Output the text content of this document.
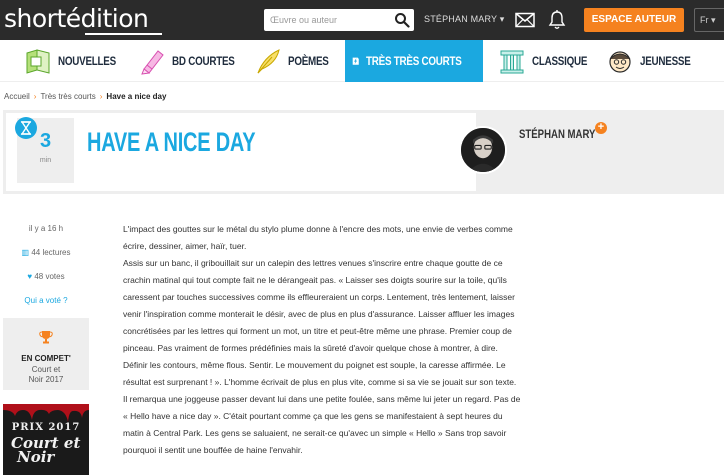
shortédition
Œuvre ou auteur	STÉPHAN MARY ▾	ESPACE AUTEUR	Fr ▾
NOUVELLES	BD COURTES	POÈMES	TRÈS TRÈS COURTS	CLASSIQUE	JEUNESSE
Accueil › Très très courts › Have a nice day
3
min
HAVE A NICE DAY	STÉPHAN MARY +
il y a 16 h
▥ 44 lectures
♥ 48 votes
Qui a voté ?
EN COMPET'
Court et
Noir 2017
PRIX 2017
Court et
Noir

L'impact des gouttes sur le métal du stylo plume donne à l'encre des mots, une envie de verbes comme

écrire, dessiner, aimer, haïr, tuer.

Assis sur un banc, il gribouillait sur un calepin des lettres venues s'inscrire entre chaque goutte de ce

crachin matinal qui tout compte fait ne le dérangeait pas. « Laisser ses doigts sourire sur la toile, qu'ils

caressent par touches successives comme ils effleureraient un corps. Lentement, très lentement, laisser

venir l'inspiration comme monterait le désir, avec de plus en plus d'assurance. Laisser affluer les images

concrétisées par les lettres qui forment un mot, un titre et peut-être même une phrase. Premier coup de

pinceau. Pas vraiment de formes prédéfinies mais la sûreté d'avoir quelque chose à montrer, à dire.

Définir les contours, même flous. Sentir. Le mouvement du poignet est souple, la caresse affirmée. Le

résultat est surprenant ! ». L'homme écrivait de plus en plus vite, comme si sa vie se jouait sur son texte.

Il remarqua une joggeuse passer devant lui dans une petite foulée, sans même lui jeter un regard. Pas de

« Hello have a nice day ». C'était pourtant comme ça que les gens se manifestaient à sept heures du

matin à Central Park. Les gens se saluaient, ne serait-ce qu'avec un simple « Hello » Sans trop savoir

pourquoi il sentit une bouffée de haine l'envahir.
